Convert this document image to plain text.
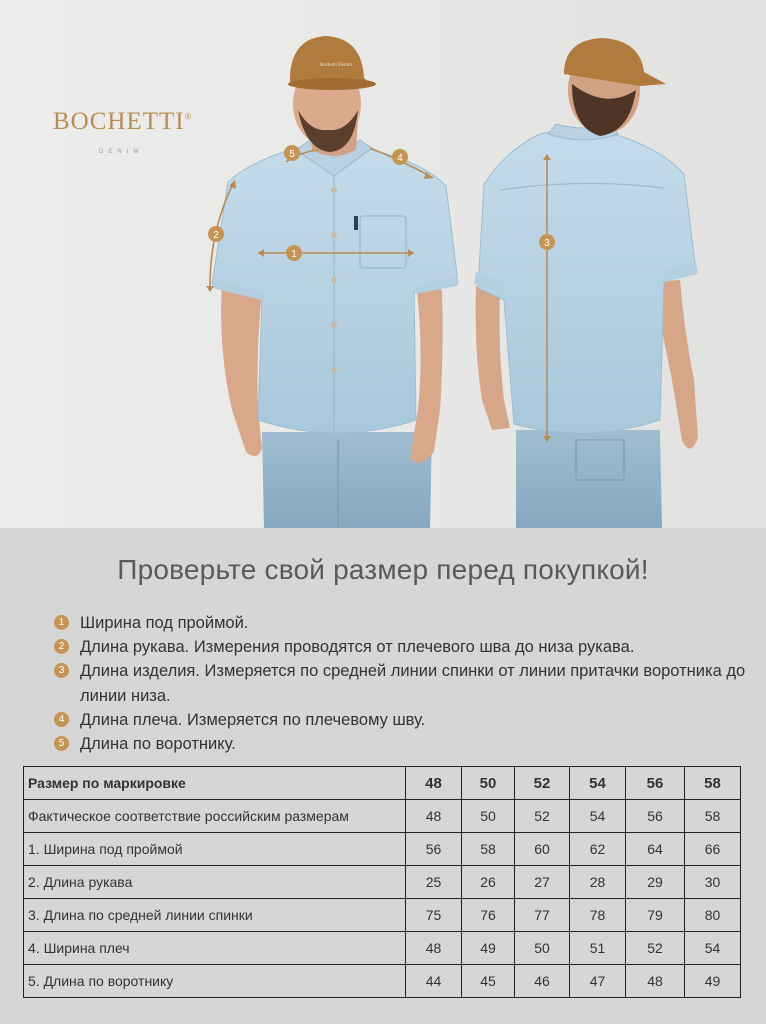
Bochetti Denim
1
2
3
4
5
BOCHETTI®
DENIM
Проверьте свой размер перед покупкой!
1 Ширина под проймой.
2 Длина рукава. Измерения проводятся от плечевого шва до низа рукава.
3 Длина изделия. Измеряется по средней линии спинки от линии притачки воротника до линии низа.
4 Длина плеча. Измеряется по плечевому шву.
5 Длина по воротнику.
Размер по маркировке	48	50	52	54	56	58
Фактическое соответствие российским размерам	48	50	52	54	56	58
1. Ширина под проймой	56	58	60	62	64	66
2. Длина рукава	25	26	27	28	29	30
3. Длина по средней линии спинки	75	76	77	78	79	80
4. Ширина плеч	48	49	50	51	52	54
5. Длина по воротнику	44	45	46	47	48	49
